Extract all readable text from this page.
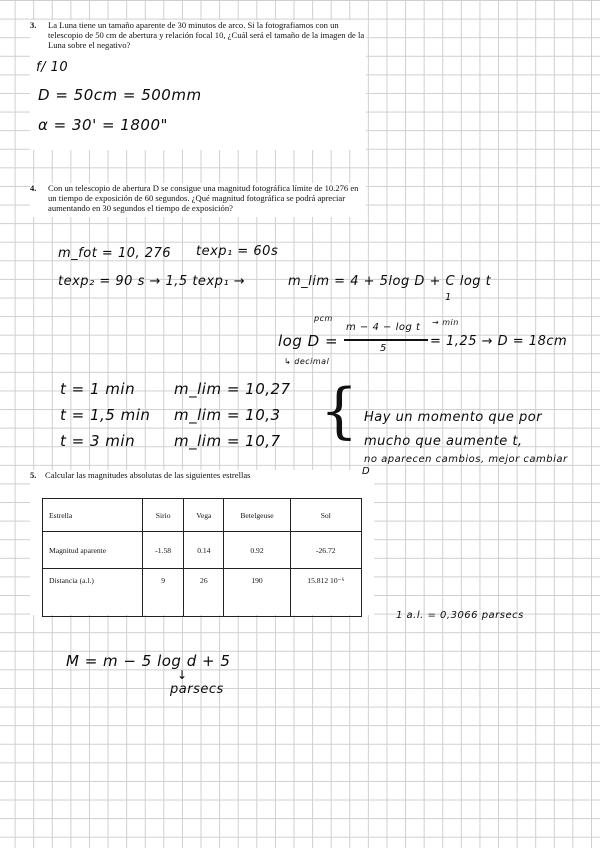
3.	La Luna tiene un tamaño aparente de 30 minutos de arco. Si la fotografiamos con un telescopio de 50 cm de abertura y relación focal 10, ¿Cuál será el tamaño de la imagen de la Luna sobre el negativo?
4.	Con un telescopio de abertura D se consigue una magnitud fotográfica límite de 10.276 en un tiempo de exposición de 60 segundos. ¿Qué magnitud fotográfica se podrá apreciar aumentando en 30 segundos el tiempo de exposición?
5. Calcular las magnitudes absolutas de las siguientes estrellas
Estrella	Sirio	Vega	Betelgeuse	Sol
Magnitud aparente	-1.58	0.14	0.92	-26.72
Distancia (a.l.)	9	26	190	15.812 10⁻⁶
f/ 10
D = 50cm = 500mm
α = 30' = 1800"
m_fot = 10, 276 texp₁ = 60s
texp₂ = 90 s → 1,5 texp₁ →	m_lim = 4 + 5log D + C log t
1
pcm
log D =
m − 4 − log t
5
→ min
= 1,25 → D = 18cm
↳ decimal
t = 1 min	m_lim = 10,27
t = 1,5 min m_lim = 10,3
t = 3 min	m_lim = 10,7 { Hay un momento que por
mucho que aumente t,
no aparecen cambios, mejor cambiar
D
1 a.l. = 0,3066 parsecs
M = m − 5 log d + 5
↓
parsecs
